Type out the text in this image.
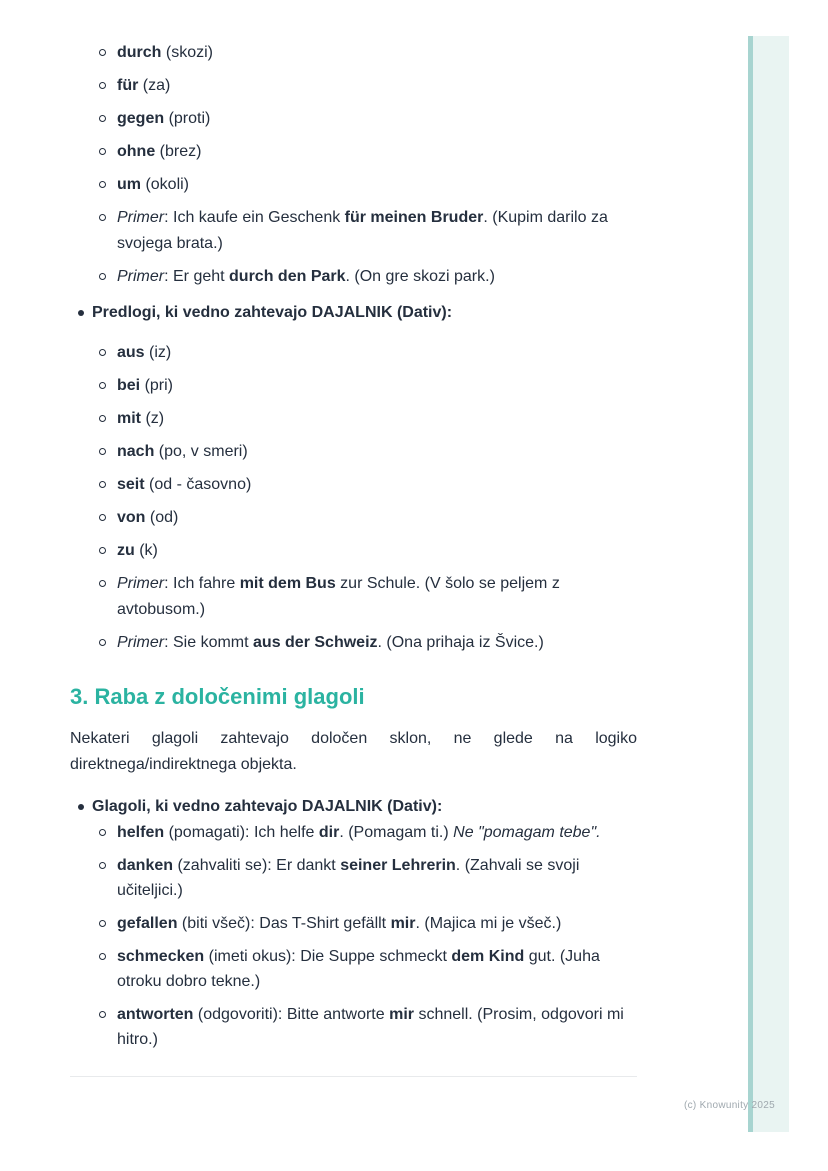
durch (skozi)
für (za)
gegen (proti)
ohne (brez)
um (okoli)
Primer: Ich kaufe ein Geschenk für meinen Bruder. (Kupim darilo za svojega brata.)
Primer: Er geht durch den Park. (On gre skozi park.)
Predlogi, ki vedno zahtevajo DAJALNIK (Dativ):
aus (iz)
bei (pri)
mit (z)
nach (po, v smeri)
seit (od - časovno)
von (od)
zu (k)
Primer: Ich fahre mit dem Bus zur Schule. (V šolo se peljem z avtobusom.)
Primer: Sie kommt aus der Schweiz. (Ona prihaja iz Švice.)
3. Raba z določenimi glagoli

Nekateri glagoli zahtevajo določen sklon, ne glede na logiko direktnega/indirektnega objekta.

Glagoli, ki vedno zahtevajo DAJALNIK (Dativ):
helfen (pomagati): Ich helfe dir. (Pomagam ti.) Ne "pomagam tebe".
danken (zahvaliti se): Er dankt seiner Lehrerin. (Zahvali se svoji učiteljici.)
gefallen (biti všeč): Das T-Shirt gefällt mir. (Majica mi je všeč.)
schmecken (imeti okus): Die Suppe schmeckt dem Kind gut. (Juha otroku dobro tekne.)
antworten (odgovoriti): Bitte antworte mir schnell. (Prosim, odgovori mi hitro.)
(c) Knowunity 2025
